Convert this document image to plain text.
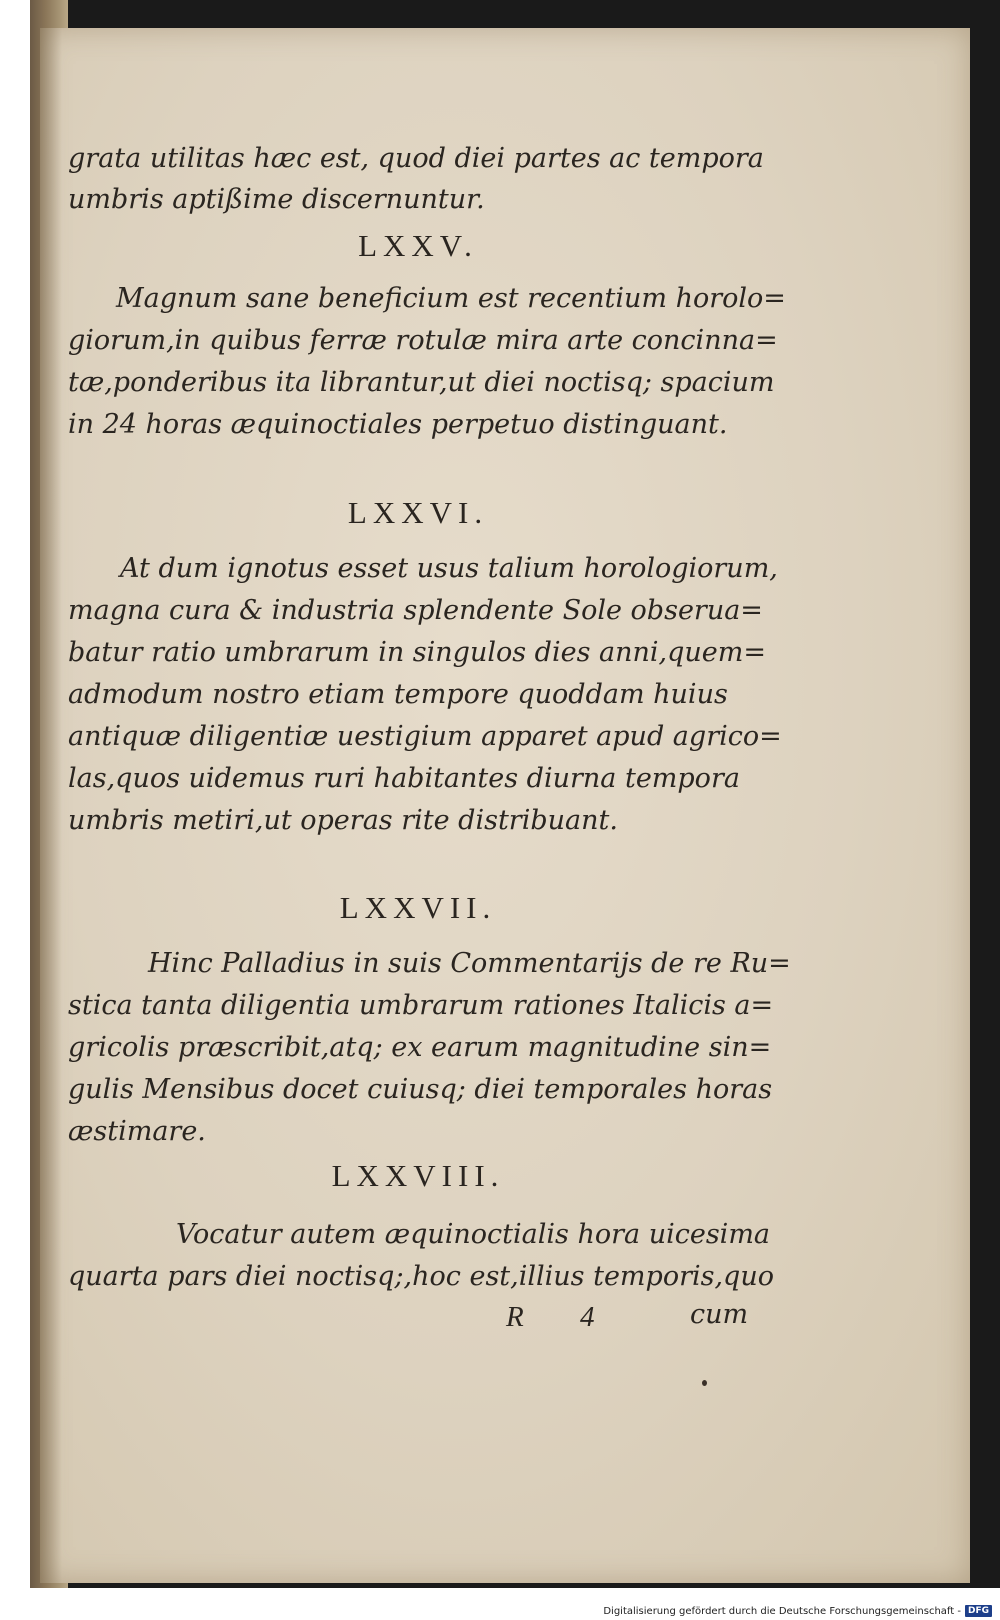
grata utilitas hæc est, quod diei partes ac tempora
umbris aptißime discernuntur.
LXXV.
Magnum sane beneficium est recentium horolo=
giorum,in quibus ferræ rotulæ mira arte concinna=
tæ,ponderibus ita librantur,ut diei noctisq; spacium
in 24 horas æquinoctiales perpetuo distinguant.
LXXVI.
At dum ignotus esset usus talium horologiorum,
magna cura & industria splendente Sole obserua=
batur ratio umbrarum in singulos dies anni,quem=
admodum nostro etiam tempore quoddam huius
antiquæ diligentiæ uestigium apparet apud agrico=
las,quos uidemus ruri habitantes diurna tempora
umbris metiri,ut operas rite distribuant.
LXXVII.
Hinc Palladius in suis Commentarijs de re Ru=
stica tanta diligentia umbrarum rationes Italicis a=
gricolis præscribit,atq; ex earum magnitudine sin=
gulis Mensibus docet cuiusq; diei temporales horas
æstimare.
LXXVIII.
Vocatur autem æquinoctialis hora uicesima
quarta pars diei noctisq;,hoc est,illius temporis,quo
R 4	cum
Digitalisierung gefördert durch die Deutsche Forschungsgemeinschaft - DFG
